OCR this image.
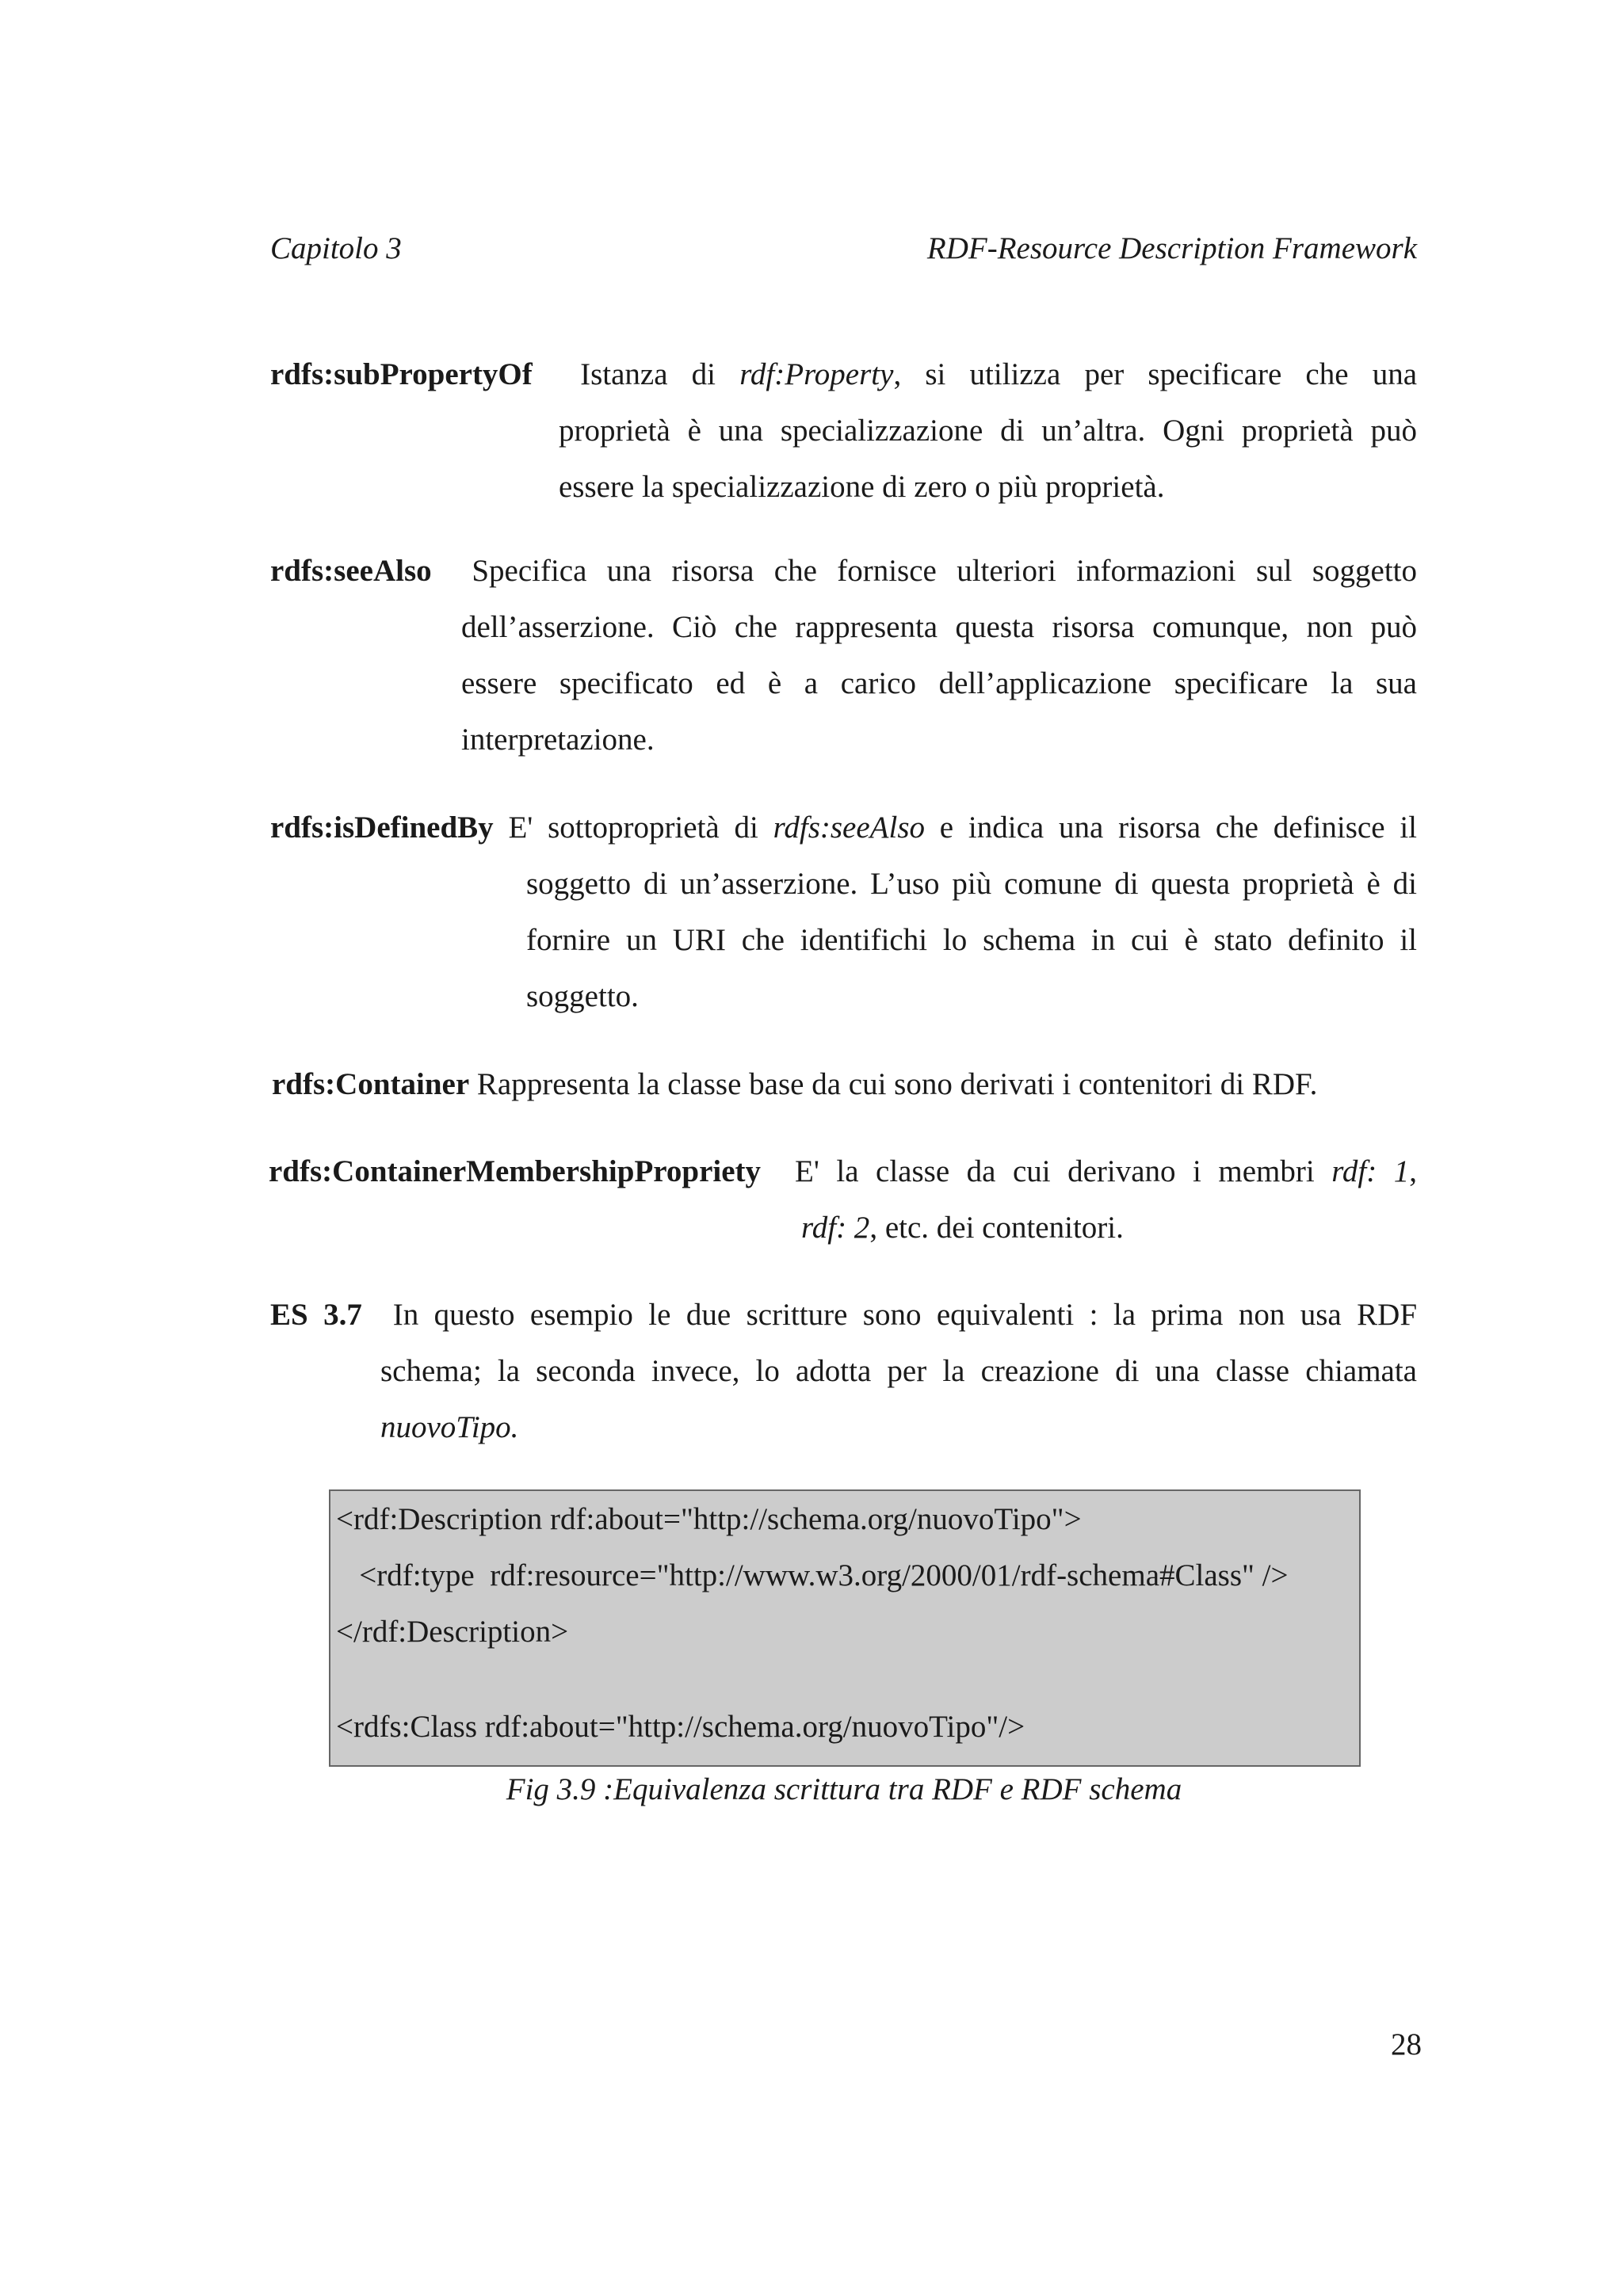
Capitolo 3	RDF-Resource Description Framework

rdfs:subPropertyOf Istanza di rdf:Property, si utilizza per specificare che una

proprietà è una specializzazione di un’altra. Ogni proprietà può

essere la specializzazione di zero o più proprietà.

rdfs:seeAlso Specifica una risorsa che fornisce ulteriori informazioni sul soggetto

dell’asserzione. Ciò che rappresenta questa risorsa comunque, non può

essere specificato ed è a carico dell’applicazione specificare la sua

interpretazione.

rdfs:isDefinedBy E' sottoproprietà di rdfs:seeAlso e indica una risorsa che definisce il

soggetto di un’asserzione. L’uso più comune di questa proprietà è di

fornire un URI che identifichi lo schema in cui è stato definito il

soggetto.

rdfs:Container Rappresenta la classe base da cui sono derivati i contenitori di RDF.

rdfs:ContainerMembershipPropriety E' la classe da cui derivano i membri rdf: 1,

rdf: 2, etc. dei contenitori.

ES 3.7 In questo esempio le due scritture sono equivalenti : la prima non usa RDF

schema; la seconda invece, lo adotta per la creazione di una classe chiamata

nuovoTipo.

<rdf:Description rdf:about="http://schema.org/nuovoTipo">
<rdf:type  rdf:resource="http://www.w3.org/2000/01/rdf-schema#Class" />
</rdf:Description>
<rdfs:Class rdf:about="http://schema.org/nuovoTipo"/>
Fig 3.9 :Equivalenza scrittura tra RDF e RDF schema
28
